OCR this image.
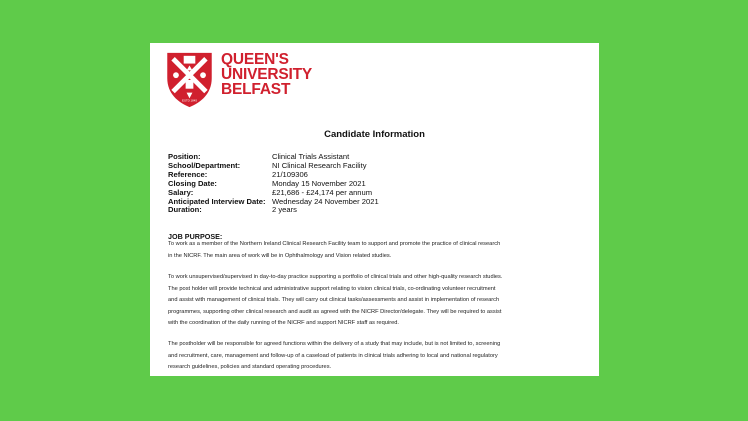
ESTD 1845
QUEEN'S
UNIVERSITY
BELFAST
Candidate Information
Position:	Clinical Trials Assistant
School/Department:	NI Clinical Research Facility
Reference:	21/109306
Closing Date:	Monday 15 November 2021
Salary:	£21,686 - £24,174 per annum
Anticipated Interview Date: Wednesday 24 November 2021
Duration:	2 years
JOB PURPOSE:
To work as a member of the Northern Ireland Clinical Research Facility team to support and promote the practice of clinical research
in the NICRF. The main area of work will be in Ophthalmology and Vision related studies.
To work unsupervised/supervised in day-to-day practice supporting a portfolio of clinical trials and other high-quality research studies.
The post holder will provide technical and administrative support relating to vision clinical trials, co-ordinating volunteer recruitment
and assist with management of clinical trials. They will carry out clinical tasks/assessments and assist in implementation of research
programmes, supporting other clinical research and audit as agreed with the NICRF Director/delegate. They will be required to assist
with the coordination of the daily running of the NICRF and support NICRF staff as required.
The postholder will be responsible for agreed functions within the delivery of a study that may include, but is not limited to, screening
and recruitment, care, management and follow-up of a caseload of patients in clinical trials adhering to local and national regulatory
research guidelines, policies and standard operating procedures.
